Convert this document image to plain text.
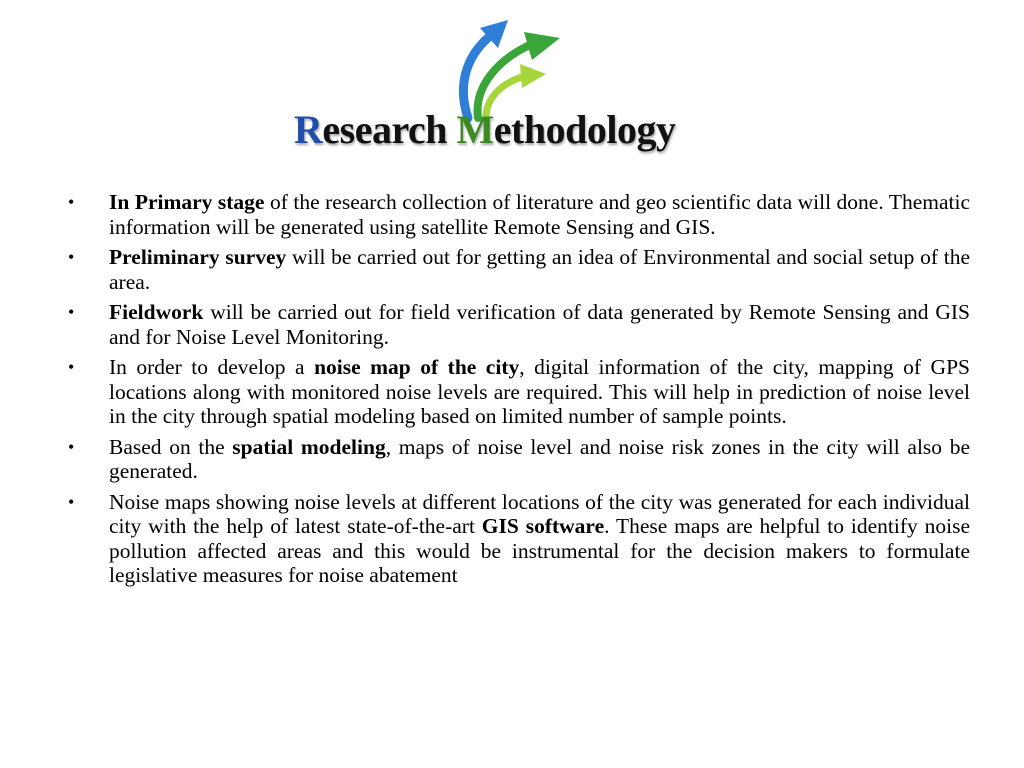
Research Methodology
• In Primary stage of the research collection of literature and geo scientific data will done. Thematic information will be generated using satellite Remote Sensing and GIS.
• Preliminary survey will be carried out for getting an idea of Environmental and social setup of the area.
• Fieldwork will be carried out for field verification of data generated by Remote Sensing and GIS and for Noise Level Monitoring.
• In order to develop a noise map of the city, digital information of the city, mapping of GPS locations along with monitored noise levels are required. This will help in prediction of noise level in the city through spatial modeling based on limited number of sample points.
• Based on the spatial modeling, maps of noise level and noise risk zones in the city will also be generated.
• Noise maps showing noise levels at different locations of the city was generated for each individual city with the help of latest state-of-the-art GIS software. These maps are helpful to identify noise pollution affected areas and this would be instrumental for the decision makers to formulate legislative measures for noise abatement
